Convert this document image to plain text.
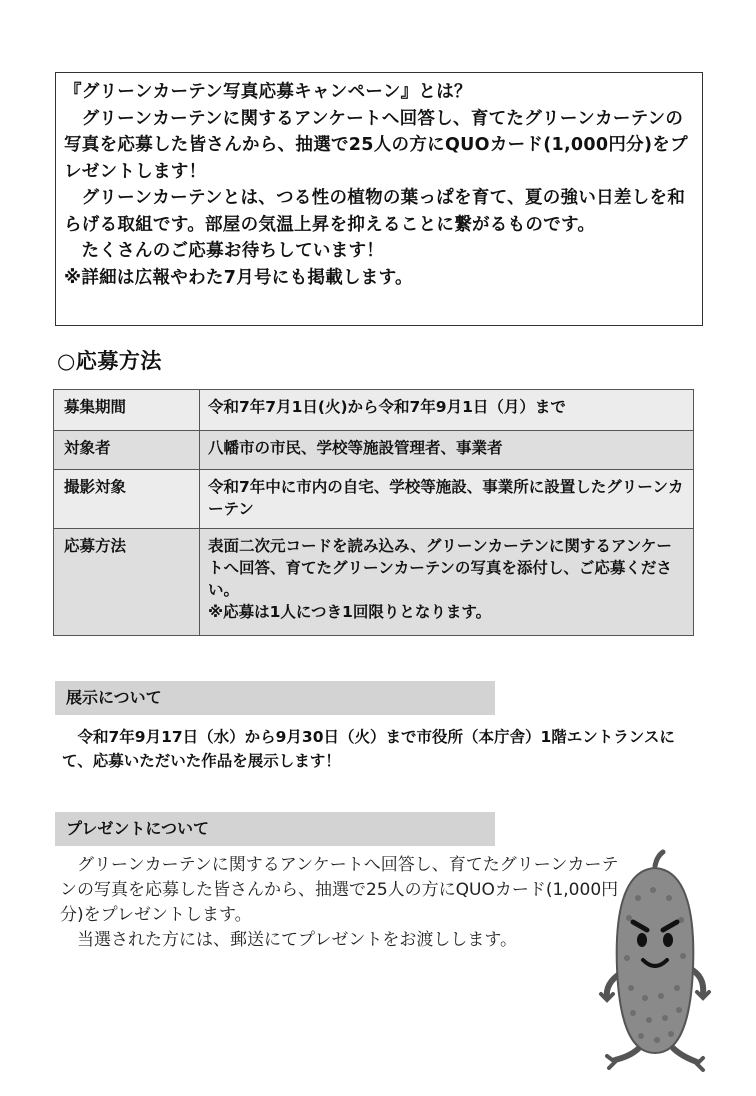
『グリーンカーテン写真応募キャンペーン』とは？

グリーンカーテンに関するアンケートへ回答し、育てたグリーンカーテンの写真を応募した皆さんから、抽選で25人の方にQUOカード(1,000円分)をプレゼントします！

グリーンカーテンとは、つる性の植物の葉っぱを育て、夏の強い日差しを和らげる取組です。部屋の気温上昇を抑えることに繋がるものです。

たくさんのご応募お待ちしています！

※詳細は広報やわた7月号にも掲載します。

○応募方法
募集期間	令和7年7月1日(火)から令和7年9月1日（月）まで
対象者	八幡市の市民、学校等施設管理者、事業者
撮影対象	令和7年中に市内の自宅、学校等施設、事業所に設置したグリーンカーテン
応募方法	表面二次元コードを読み込み、グリーンカーテンに関するアンケートへ回答、育てたグリーンカーテンの写真を添付し、ご応募ください。
※応募は1人につき1回限りとなります。
展示について

令和7年9月17日（水）から9月30日（火）まで市役所（本庁舎）1階エントランスにて、応募いただいた作品を展示します！

プレゼントについて

グリーンカーテンに関するアンケートへ回答し、育てたグリーンカーテンの写真を応募した皆さんから、抽選で25人の方にQUOカード(1,000円分)をプレゼントします。

当選された方には、郵送にてプレゼントをお渡しします。
